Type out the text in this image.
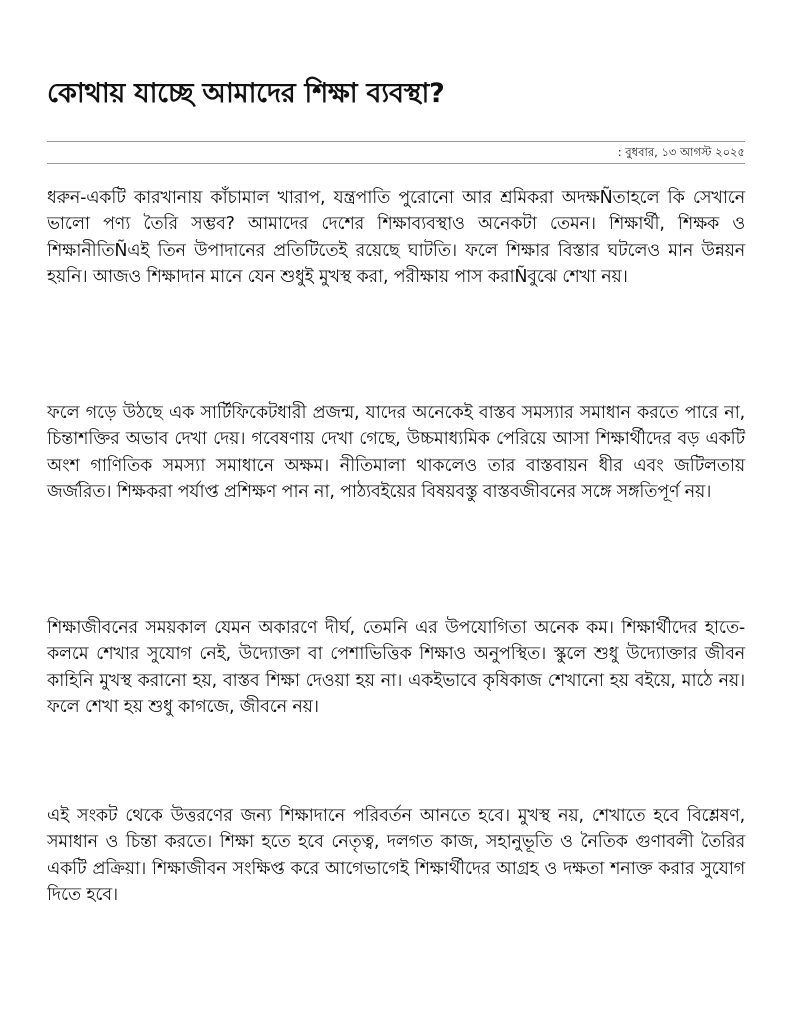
কোথায় যাচ্ছে আমাদের শিক্ষা ব্যবস্থা?
: বুধবার, ১৩ আগস্ট ২০২৫

ধরুন-একটি কারখানায় কাঁচামাল খারাপ, যন্ত্রপাতি পুরোনো আর শ্রমিকরা অদক্ষÑতাহলে কি সেখানে ভালো পণ্য তৈরি সম্ভব? আমাদের দেশের শিক্ষাব্যবস্থাও অনেকটা তেমন। শিক্ষার্থী, শিক্ষক ও শিক্ষানীতিÑএই তিন উপাদানের প্রতিটিতেই রয়েছে ঘাটতি। ফলে শিক্ষার বিস্তার ঘটলেও মান উন্নয়ন হয়নি। আজও শিক্ষাদান মানে যেন শুধুই মুখস্থ করা, পরীক্ষায় পাস করাÑবুঝে শেখা নয়।

ফলে গড়ে উঠছে এক সার্টিফিকেটধারী প্রজন্ম, যাদের অনেকেই বাস্তব সমস্যার সমাধান করতে পারে না, চিন্তাশক্তির অভাব দেখা দেয়। গবেষণায় দেখা গেছে, উচ্চমাধ্যমিক পেরিয়ে আসা শিক্ষার্থীদের বড় একটি অংশ গাণিতিক সমস্যা সমাধানে অক্ষম। নীতিমালা থাকলেও তার বাস্তবায়ন ধীর এবং জটিলতায় জর্জরিত। শিক্ষকরা পর্যাপ্ত প্রশিক্ষণ পান না, পাঠ্যবইয়ের বিষয়বস্তু বাস্তবজীবনের সঙ্গে সঙ্গতিপূর্ণ নয়।

শিক্ষাজীবনের সময়কাল যেমন অকারণে দীর্ঘ, তেমনি এর উপযোগিতা অনেক কম। শিক্ষার্থীদের হাতে-কলমে শেখার সুযোগ নেই, উদ্যোক্তা বা পেশাভিত্তিক শিক্ষাও অনুপস্থিত। স্কুলে শুধু উদ্যোক্তার জীবন কাহিনি মুখস্থ করানো হয়, বাস্তব শিক্ষা দেওয়া হয় না। একইভাবে কৃষিকাজ শেখানো হয় বইয়ে, মাঠে নয়। ফলে শেখা হয় শুধু কাগজে, জীবনে নয়।

এই সংকট থেকে উত্তরণের জন্য শিক্ষাদানে পরিবর্তন আনতে হবে। মুখস্থ নয়, শেখাতে হবে বিশ্লেষণ, সমাধান ও চিন্তা করতে। শিক্ষা হতে হবে নেতৃত্ব, দলগত কাজ, সহানুভূতি ও নৈতিক গুণাবলী তৈরির একটি প্রক্রিয়া। শিক্ষাজীবন সংক্ষিপ্ত করে আগেভাগেই শিক্ষার্থীদের আগ্রহ ও দক্ষতা শনাক্ত করার সুযোগ দিতে হবে।
